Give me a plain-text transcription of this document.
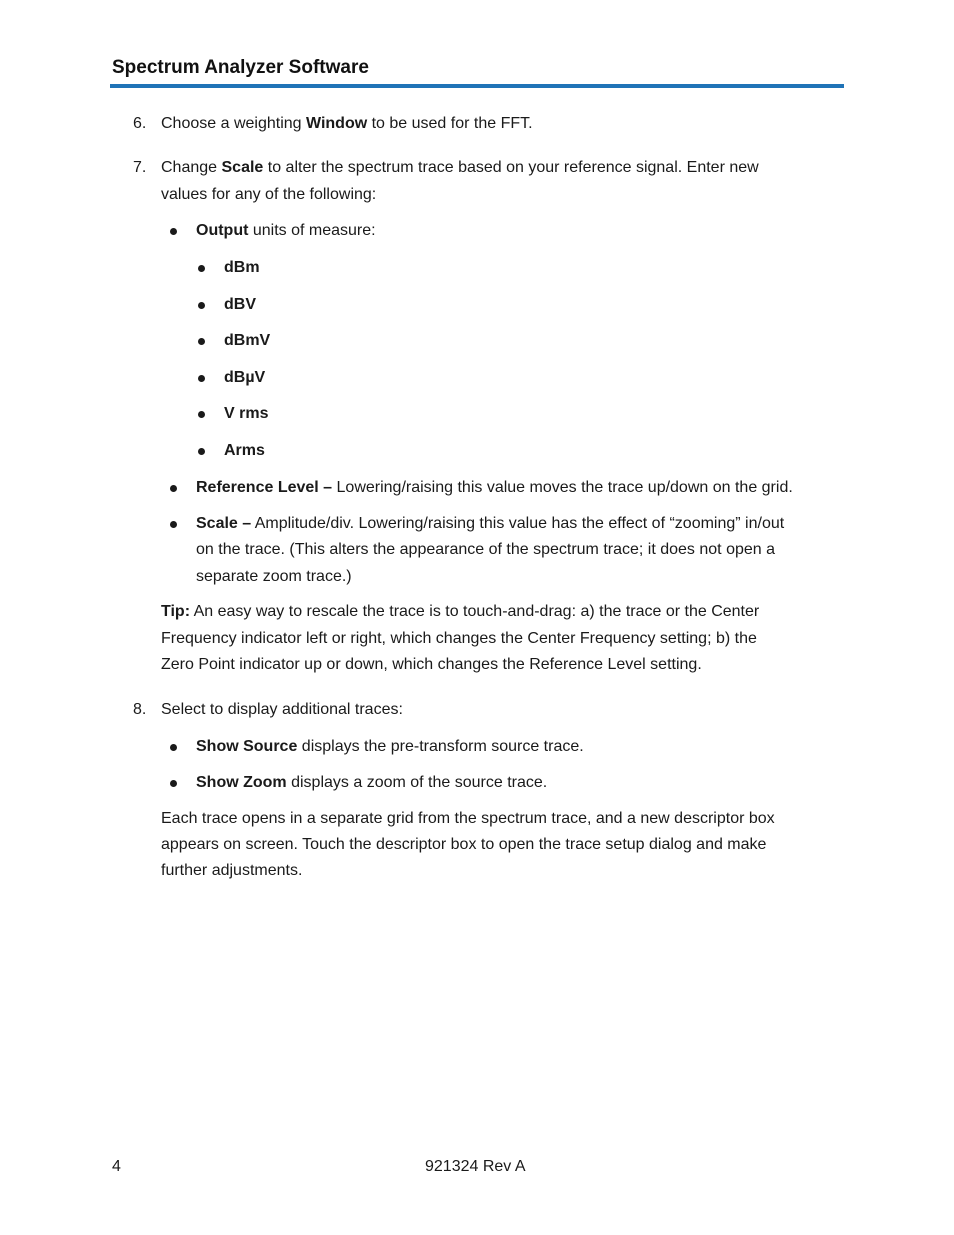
Spectrum Analyzer Software
6. Choose a weighting Window to be used for the FFT.
7. Change Scale to alter the spectrum trace based on your reference signal. Enter new
values for any of the following:
Output units of measure:
dBm
dBV
dBmV
dBµV
V rms
Arms
Reference Level – Lowering/raising this value moves the trace up/down on the grid.
Scale – Amplitude/div. Lowering/raising this value has the effect of “zooming” in/out
on the trace. (This alters the appearance of the spectrum trace; it does not open a
separate zoom trace.)
Tip: An easy way to rescale the trace is to touch-and-drag: a) the trace or the Center
Frequency indicator left or right, which changes the Center Frequency setting; b) the
Zero Point indicator up or down, which changes the Reference Level setting.
8. Select to display additional traces:
Show Source displays the pre-transform source trace.
Show Zoom displays a zoom of the source trace.
Each trace opens in a separate grid from the spectrum trace, and a new descriptor box
appears on screen. Touch the descriptor box to open the trace setup dialog and make
further adjustments.
4	921324 Rev A
